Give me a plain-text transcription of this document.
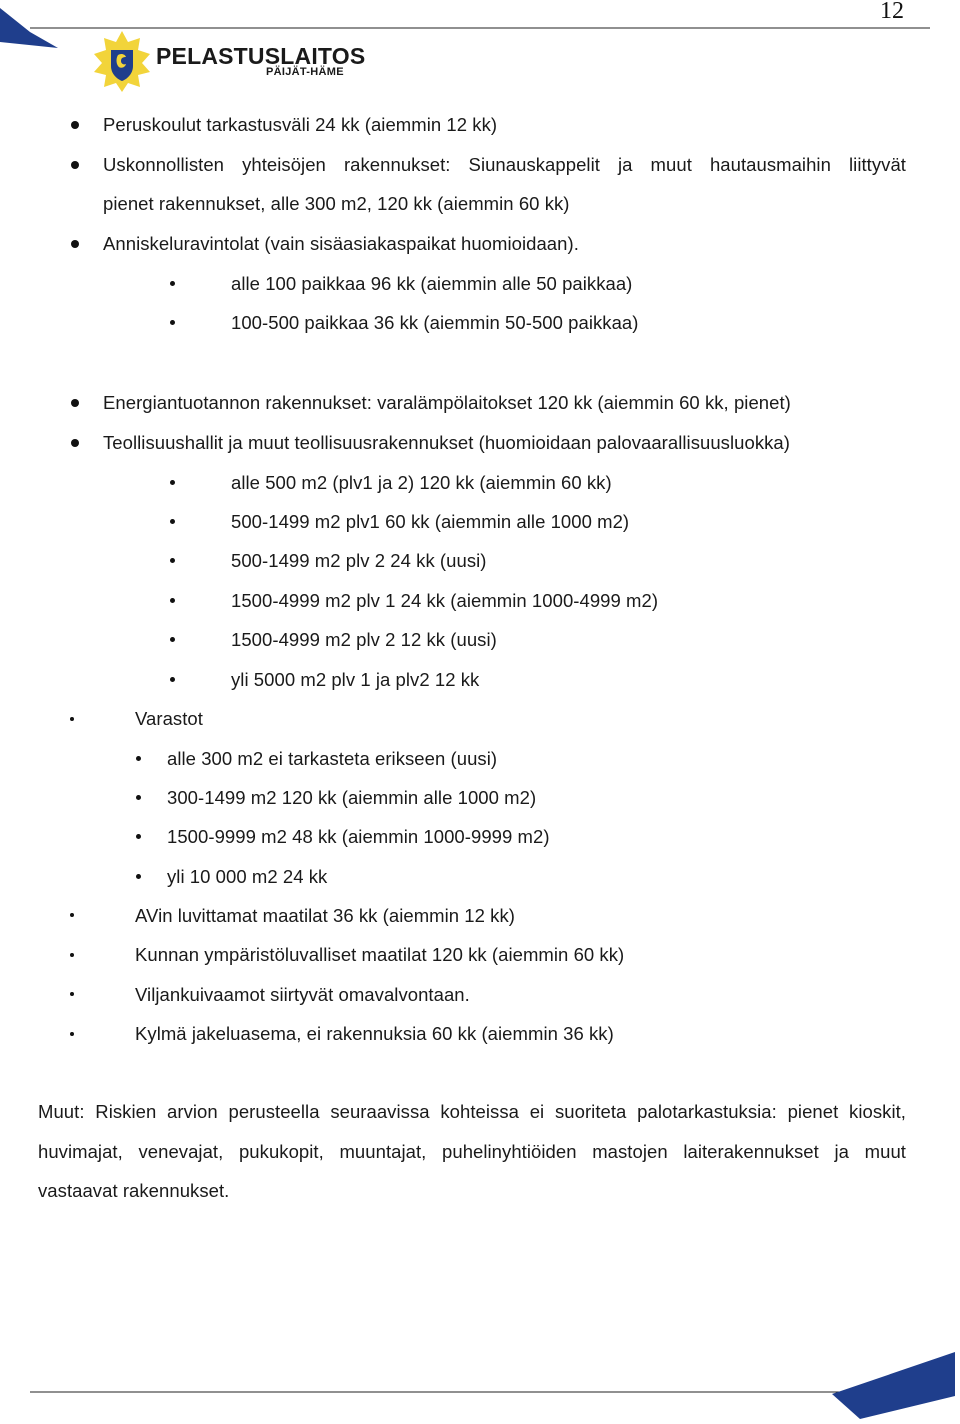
PELASTUSLAITOS
PÄIJÄT-HÄME
12
Peruskoulut tarkastusväli 24 kk (aiemmin 12 kk)
Uskonnollisten yhteisöjen rakennukset: Siunauskappelit ja muut hautausmaihin liittyvät
pienet rakennukset, alle 300 m2, 120 kk (aiemmin 60 kk)
Anniskeluravintolat (vain sisäasiakaspaikat huomioidaan).
alle 100 paikkaa 96 kk (aiemmin alle 50 paikkaa)
100-500 paikkaa 36 kk (aiemmin 50-500 paikkaa)
Energiantuotannon rakennukset: varalämpölaitokset 120 kk (aiemmin 60 kk, pienet)
Teollisuushallit ja muut teollisuusrakennukset (huomioidaan palovaarallisuusluokka)
alle 500 m2 (plv1 ja 2) 120 kk (aiemmin 60 kk)
500-1499 m2 plv1 60 kk (aiemmin alle 1000 m2)
500-1499 m2 plv 2 24 kk (uusi)
1500-4999 m2 plv 1 24 kk (aiemmin 1000-4999 m2)
1500-4999 m2 plv 2 12 kk (uusi)
yli 5000 m2 plv 1 ja plv2 12 kk
Varastot
alle 300 m2 ei tarkasteta erikseen (uusi)
300-1499 m2 120 kk (aiemmin alle 1000 m2)
1500-9999 m2 48 kk (aiemmin 1000-9999 m2)
yli 10 000 m2 24 kk
AVin luvittamat maatilat 36 kk (aiemmin 12 kk)
Kunnan ympäristöluvalliset maatilat 120 kk (aiemmin 60 kk)
Viljankuivaamot siirtyvät omavalvontaan.
Kylmä jakeluasema, ei rakennuksia 60 kk (aiemmin 36 kk)
Muut: Riskien arvion perusteella seuraavissa kohteissa ei suoriteta palotarkastuksia: pienet kioskit,
huvimajat, venevajat, pukukopit, muuntajat, puhelinyhtiöiden mastojen laiterakennukset ja muut
vastaavat rakennukset.
